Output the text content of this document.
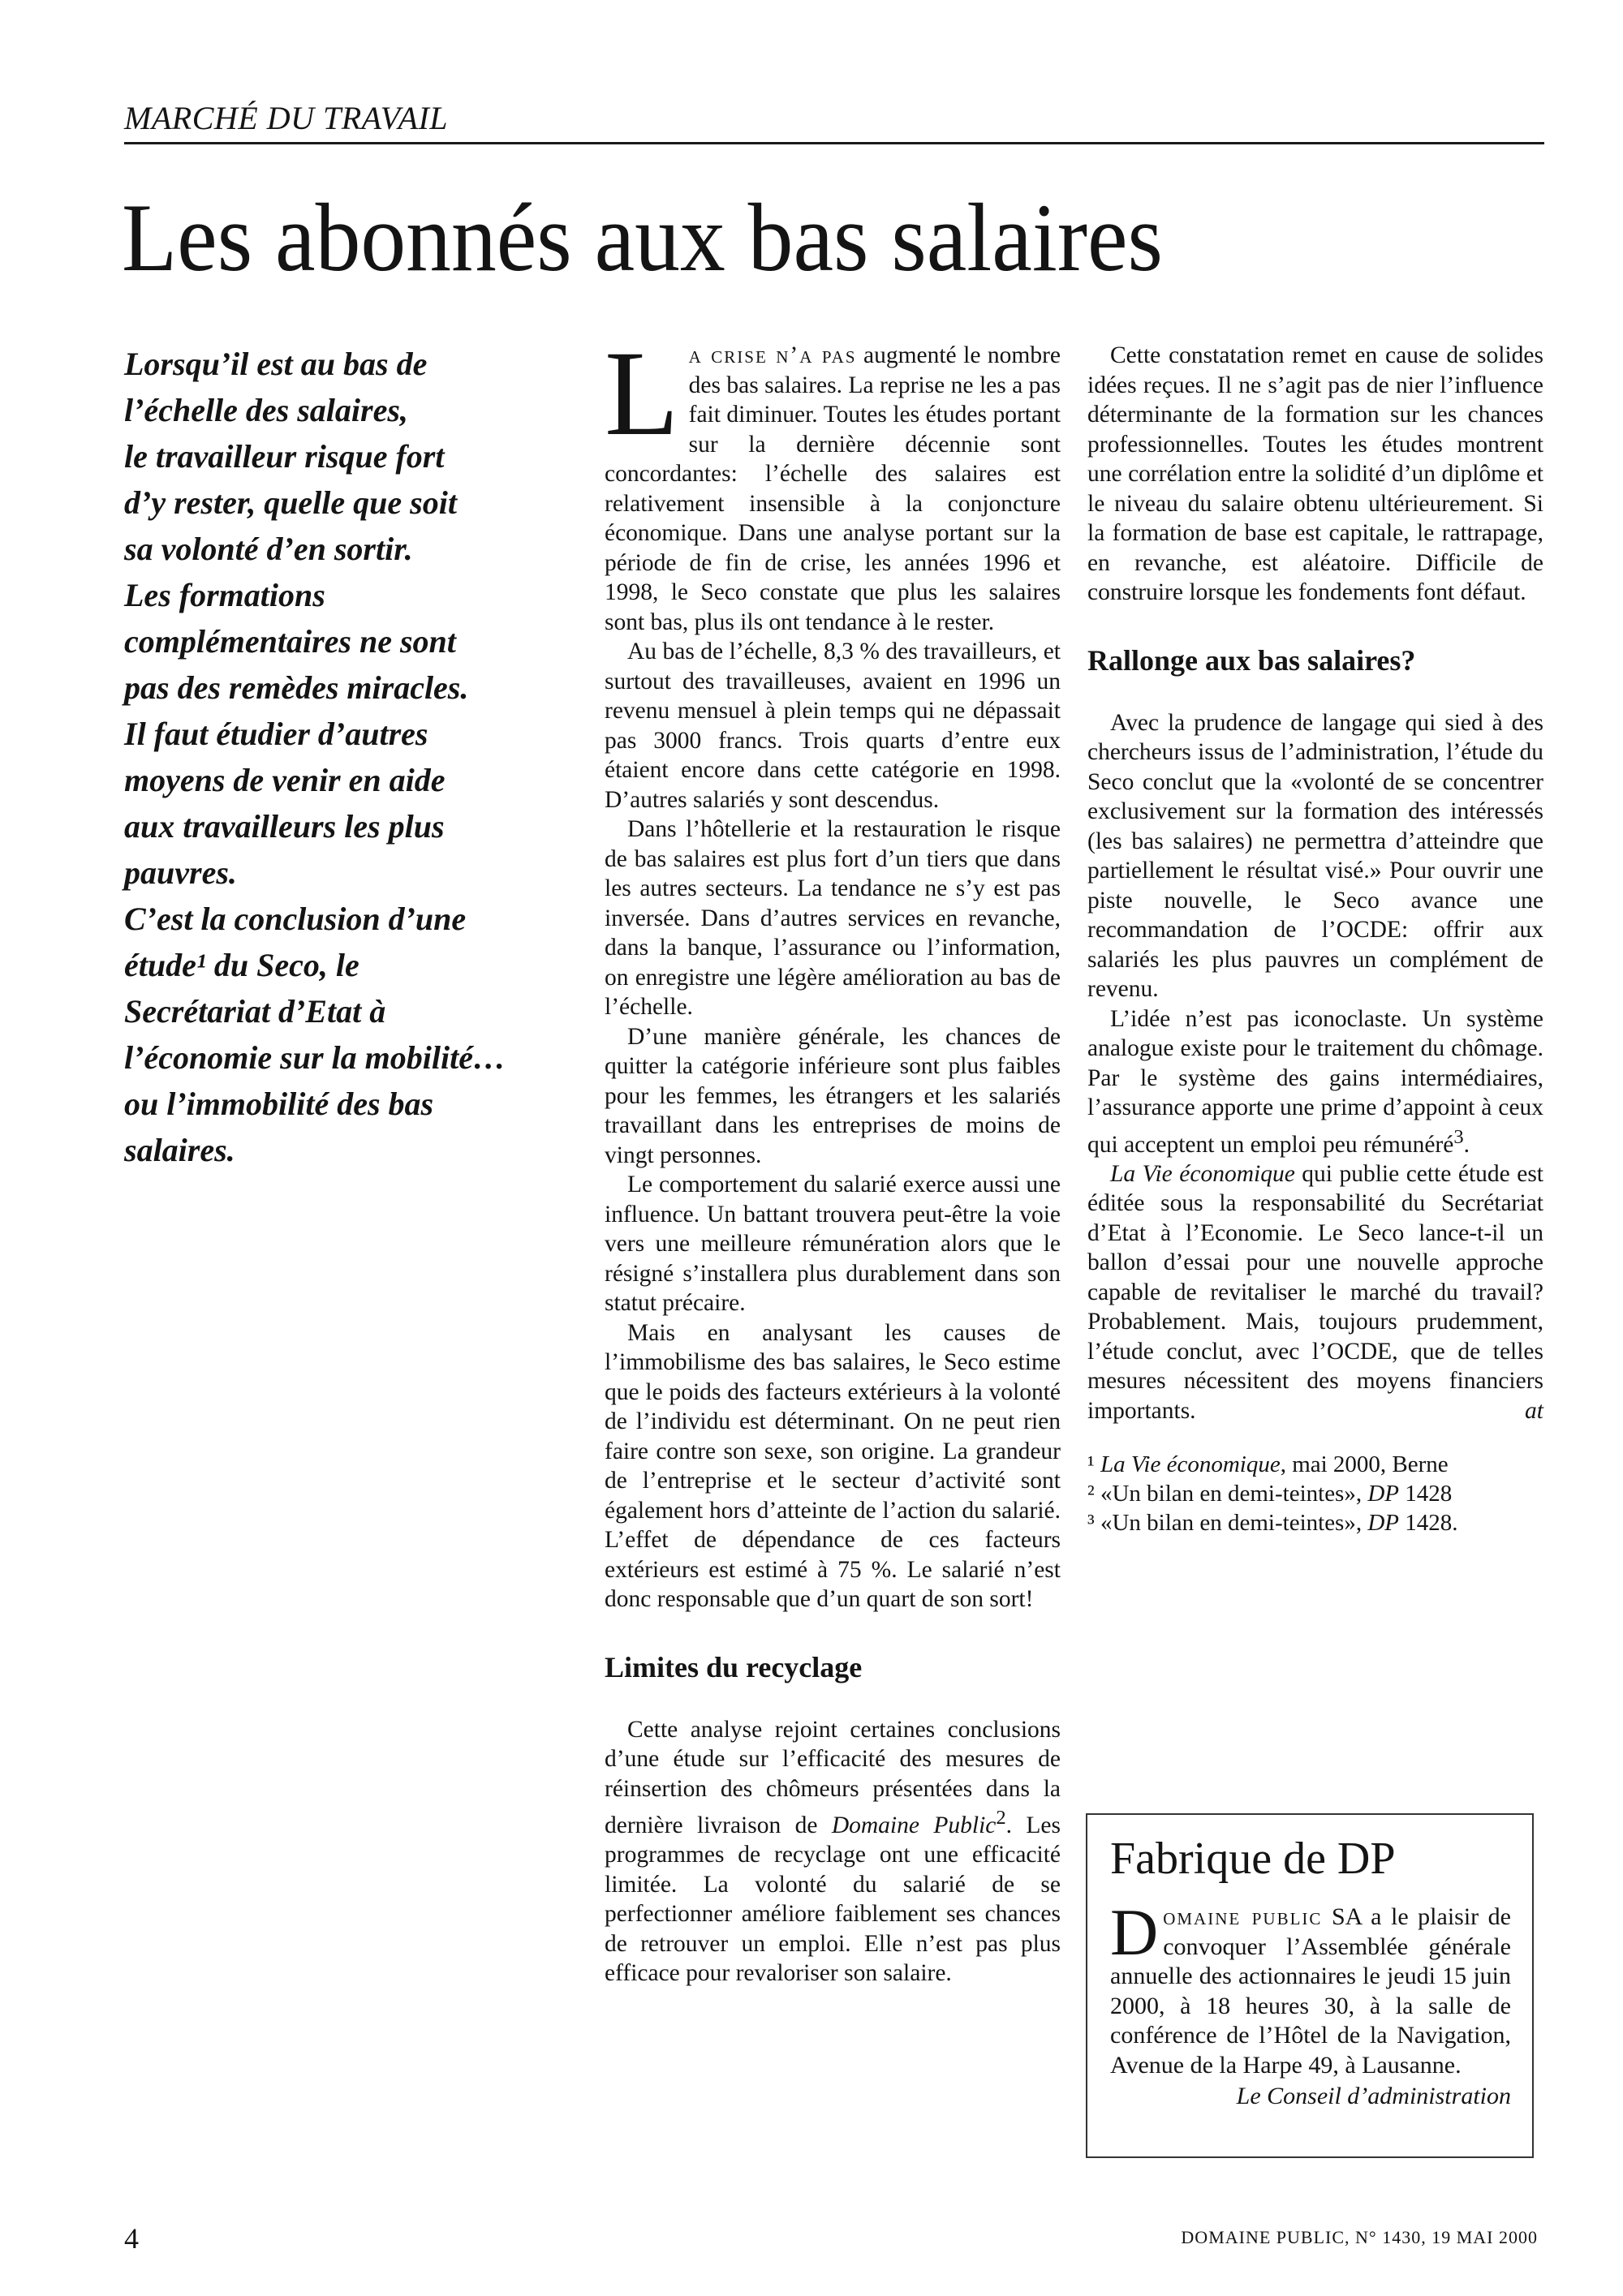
MARCHÉ DU TRAVAIL
Les abonnés aux bas salaires
Lorsqu’il est au bas de
l’échelle des salaires,
le travailleur risque fort
d’y rester, quelle que soit
sa volonté d’en sortir.
Les formations
complémentaires ne sont
pas des remèdes miracles.
Il faut étudier d’autres
moyens de venir en aide
aux travailleurs les plus
pauvres.
C’est la conclusion d’une
étude¹ du Seco, le
Secrétariat d’Etat à
l’économie sur la mobilité…
ou l’immobilité des bas
salaires.

La crise n’a pas augmenté le nombre des bas salaires. La reprise ne les a pas fait diminuer. Toutes les études portant sur la dernière décennie sont concordantes: l’échelle des salaires est relativement insensible à la conjoncture économique. Dans une analyse portant sur la période de fin de crise, les années 1996 et 1998, le Seco constate que plus les salaires sont bas, plus ils ont tendance à le rester.

Au bas de l’échelle, 8,3 % des travailleurs, et surtout des travailleuses, avaient en 1996 un revenu mensuel à plein temps qui ne dépassait pas 3000 francs. Trois quarts d’entre eux étaient encore dans cette catégorie en 1998. D’autres salariés y sont descendus.

Dans l’hôtellerie et la restauration le risque de bas salaires est plus fort d’un tiers que dans les autres secteurs. La tendance ne s’y est pas inversée. Dans d’autres services en revanche, dans la banque, l’assurance ou l’information, on enregistre une légère amélioration au bas de l’échelle.

D’une manière générale, les chances de quitter la catégorie inférieure sont plus faibles pour les femmes, les étrangers et les salariés travaillant dans les entreprises de moins de vingt personnes.

Le comportement du salarié exerce aussi une influence. Un battant trouvera peut-être la voie vers une meilleure rémunération alors que le résigné s’installera plus durablement dans son statut précaire.

Mais en analysant les causes de l’immobilisme des bas salaires, le Seco estime que le poids des facteurs extérieurs à la volonté de l’individu est déterminant. On ne peut rien faire contre son sexe, son origine. La grandeur de l’entreprise et le secteur d’activité sont également hors d’atteinte de l’action du salarié. L’effet de dépendance de ces facteurs extérieurs est estimé à 75 %. Le salarié n’est donc responsable que d’un quart de son sort!

Limites du recyclage

Cette analyse rejoint certaines conclusions d’une étude sur l’efficacité des mesures de réinsertion des chômeurs présentées dans la dernière livraison de Domaine Public$^2$. Les programmes de recyclage ont une efficacité limitée. La volonté du salarié de se perfectionner améliore faiblement ses chances de retrouver un emploi. Elle n’est pas plus efficace pour revaloriser son salaire.

Cette constatation remet en cause de solides idées reçues. Il ne s’agit pas de nier l’influence déterminante de la formation sur les chances professionnelles. Toutes les études montrent une corrélation entre la solidité d’un diplôme et le niveau du salaire obtenu ultérieurement. Si la formation de base est capitale, le rattrapage, en revanche, est aléatoire. Difficile de construire lorsque les fondements font défaut.

Rallonge aux bas salaires?

Avec la prudence de langage qui sied à des chercheurs issus de l’administration, l’étude du Seco conclut que la «volonté de se concentrer exclusivement sur la formation des intéressés (les bas salaires) ne permettra d’atteindre que partiellement le résultat visé.» Pour ouvrir une piste nouvelle, le Seco avance une recommandation de l’OCDE: offrir aux salariés les plus pauvres un complément de revenu.

L’idée n’est pas iconoclaste. Un système analogue existe pour le traitement du chômage. Par le système des gains intermédiaires, l’assurance apporte une prime d’appoint à ceux qui acceptent un emploi peu rémunéré$^3$.

La Vie économique qui publie cette étude est éditée sous la responsabilité du Secrétariat d’Etat à l’Economie. Le Seco lance-t-il un ballon d’essai pour une nouvelle approche capable de revitaliser le marché du travail? Probablement. Mais, toujours prudemment, l’étude conclut, avec l’OCDE, que de telles mesures nécessitent des moyens financiers importants.	at

¹ La Vie économique, mai 2000, Berne
² «Un bilan en demi-teintes», DP 1428
³ «Un bilan en demi-teintes», DP 1428.
Fabrique de DP
Domaine public SA a le plaisir de convoquer l’Assemblée générale annuelle des actionnaires le jeudi 15 juin 2000, à 18 heures 30, à la salle de conférence de l’Hôtel de la Navigation, Avenue de la Harpe 49, à Lausanne.
Le Conseil d’administration
4	DOMAINE PUBLIC, N° 1430, 19 MAI 2000
